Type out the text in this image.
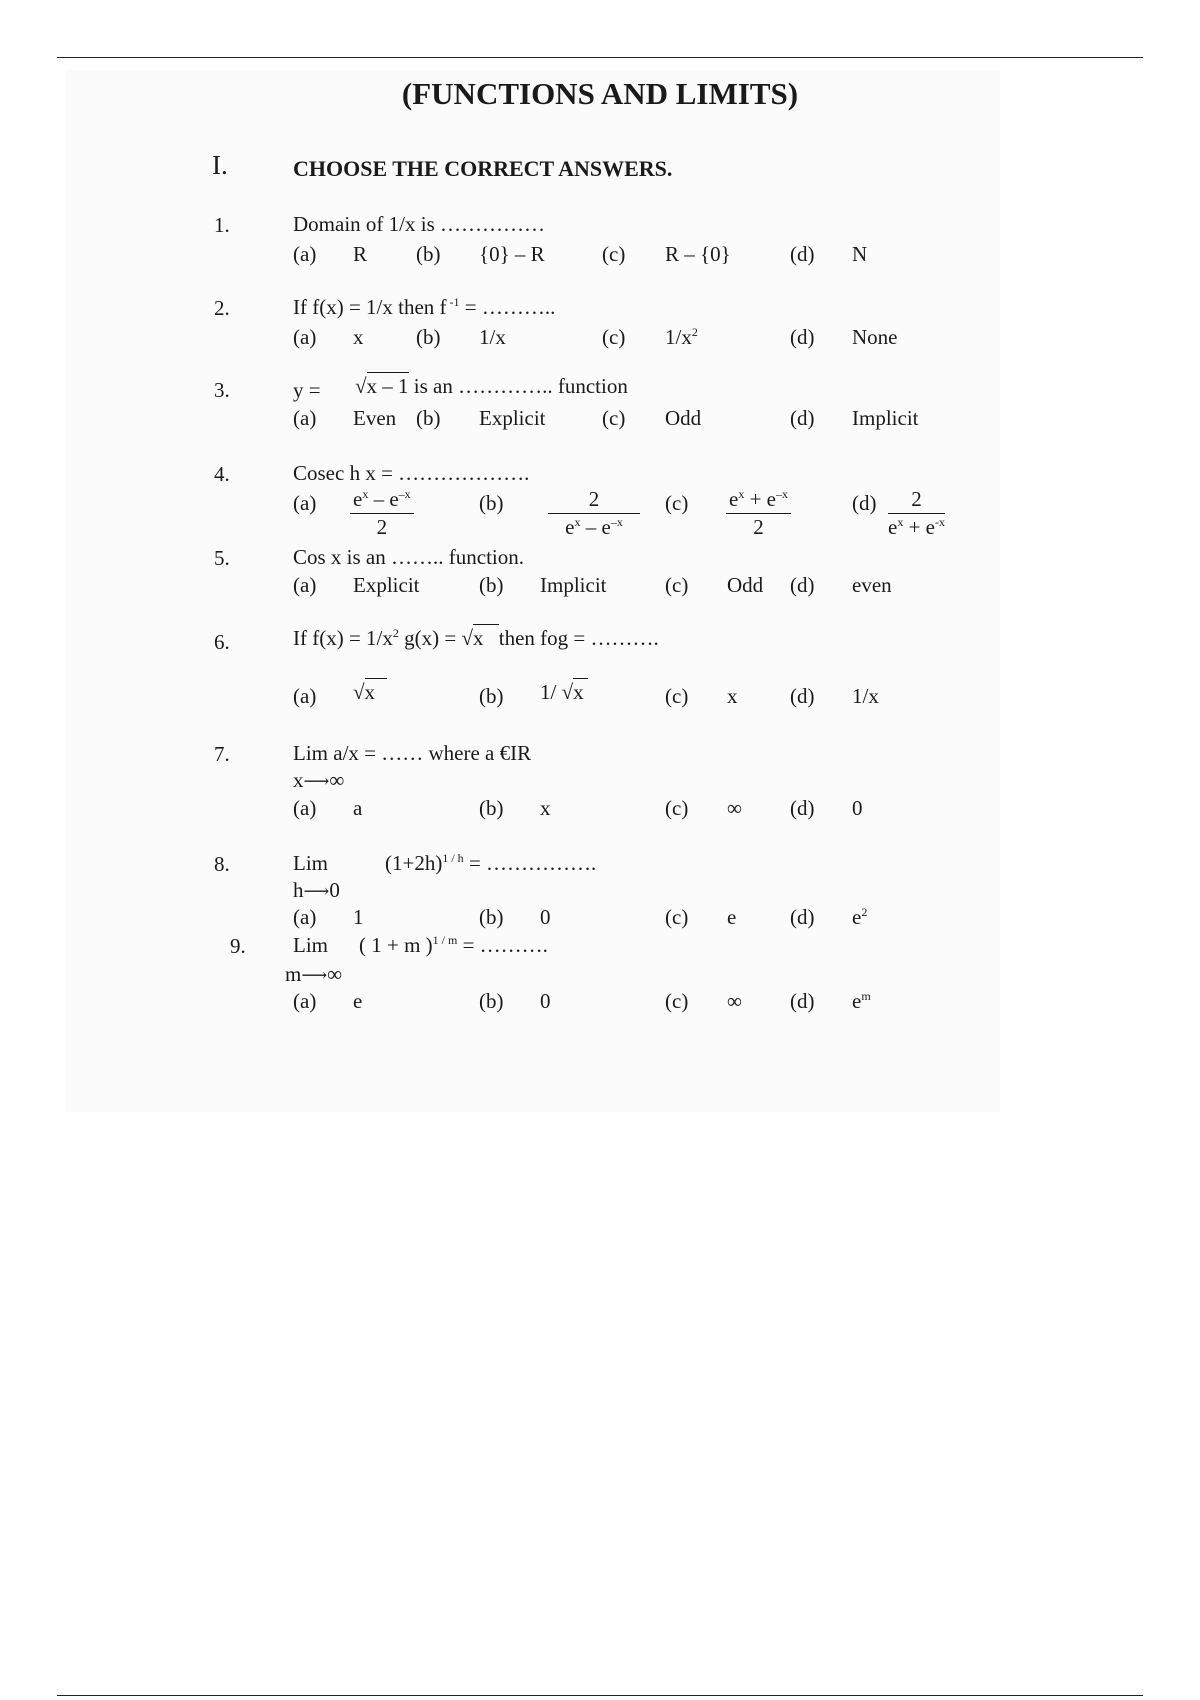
(FUNCTIONS AND LIMITS)
I.	CHOOSE THE CORRECT ANSWERS.
1.	Domain of 1/x is ……………
(a) R (b) {0} – R	(c) R – {0}	(d) N
2.	If f(x) = 1/x then f $^{-1}$ = ………..
(a) x	(b) 1/x	(c) $1/x^2$	(d) None
3.	y = √x – 1 is an ………….. function
(a) Even (b) Explicit	(c) Odd	(d) Implicit
4.	Cosec h x = ……………….
$(a) \frac{e^x - e^{-x}}{2}$	$(b) \frac{2}{e^x - e^{-x}} (c) \frac{e^x + e^{-x}}{2}$	$(d) \frac{2}{e^x + e^{-x}}$
5.	Cos x is an …….. function.
(a) Explicit	(b) Implicit	(c) Odd (d) even
6.	If $f(x) = 1/x^2$ g(x) = √x then fog = ……….
(a) √x	(b) 1/ √x	(c) x	(d) 1/x
7.	Lim a/x = …… where a €IR
x⟶∞
(a) a	(b) x	(c) ∞ (d) 0
8.	Lim	$(1+2h)^{1 / h}$ = …………….
h⟶0
(a) 1	(b) 0	(c) e	(d) $e^2$
9. Lim ( 1 + m )$^{1 / m}$ = ……….
m⟶∞
(a) e	(b) 0	(c) ∞ (d) $e^m$
